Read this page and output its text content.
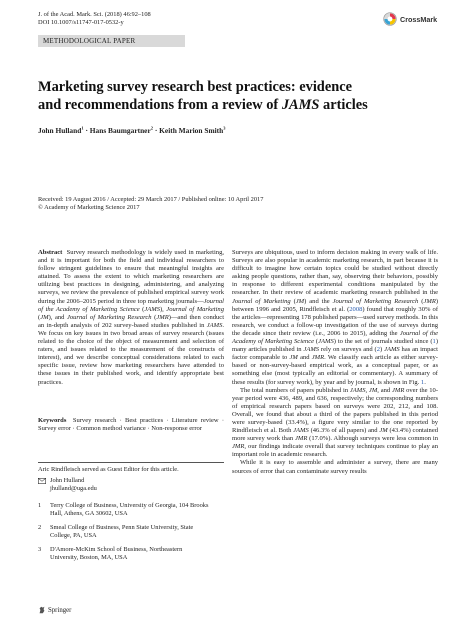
J. of the Acad. Mark. Sci. (2018) 46:92–108
DOI 10.1007/s11747-017-0532-y	CrossMark
METHODOLOGICAL PAPER
Marketing survey research best practices: evidence
and recommendations from a review of JAMS articles
John Hulland$^1$ · Hans Baumgartner$^2$ · Keith Marion Smith$^3$
Received: 19 August 2016 / Accepted: 29 March 2017 / Published online: 10 April 2017
© Academy of Marketing Science 2017

Abstract Survey research methodology is widely used in marketing, and it is important for both the field and individual researchers to follow stringent guidelines to ensure that meaningful insights are attained. To assess the extent to which marketing researchers are utilizing best practices in designing, administering, and analyzing surveys, we review the prevalence of published empirical survey work during the 2006–2015 period in three top marketing journals—Journal of the Academy of Marketing Science (JAMS), Journal of Marketing (JM), and Journal of Marketing Research (JMR)—and then conduct an in-depth analysis of 202 survey-based studies published in JAMS. We focus on key issues in two broad areas of survey research (issues related to the choice of the object of measurement and selection of raters, and issues related to the measurement of the constructs of interest), and we describe conceptual considerations related to each specific issue, review how marketing researchers have attended to these issues in their published work, and identify appropriate best practices.

Keywords Survey research · Best practices · Literature review · Survey error · Common method variance · Non-response error

Aric Rindfleisch served as Guest Editor for this article.
John Hulland
jhulland@uga.edu
1 Terry College of Business, University of Georgia, 104 Brooks Hall, Athens, GA 30602, USA
2 Smeal College of Business, Penn State University, State College, PA, USA
3 D'Amore-McKim School of Business, Northeastern University, Boston, MA, USA
Springer

Surveys are ubiquitous, used to inform decision making in every walk of life. Surveys are also popular in academic marketing research, in part because it is difficult to imagine how certain topics could be studied without directly asking people questions, rather than, say, observing their behaviors, possibly in response to different experimental conditions manipulated by the researcher. In their review of academic marketing research published in the Journal of Marketing (JM) and the Journal of Marketing Research (JMR) between 1996 and 2005, Rindfleisch et al. (2008) found that roughly 30% of the articles—representing 178 published papers—used survey methods. In this research, we conduct a follow-up investigation of the use of surveys during the decade since their review (i.e., 2006 to 2015), adding the Journal of the Academy of Marketing Science (JAMS) to the set of journals studied since (1) many articles published in JAMS rely on surveys and (2) JAMS has an impact factor comparable to JM and JMR. We classify each article as either survey-based or non-survey-based empirical work, as a conceptual paper, or as something else (most typically an editorial or commentary). A summary of these results (for survey work), by year and by journal, is shown in Fig. 1.

The total numbers of papers published in JAMS, JM, and JMR over the 10-year period were 436, 489, and 636, respectively; the corresponding numbers of empirical research papers based on surveys were 202, 212, and 108. Overall, we found that about a third of the papers published in this period were survey-based (33.4%), a figure very similar to the one reported by Rindfleisch et al. Both JAMS (46.3% of all papers) and JM (43.4%) contained more survey work than JMR (17.0%). Although surveys were less common in JMR, our findings indicate overall that survey techniques continue to play an important role in academic research.

While it is easy to assemble and administer a survey, there are many sources of error that can contaminate survey results
